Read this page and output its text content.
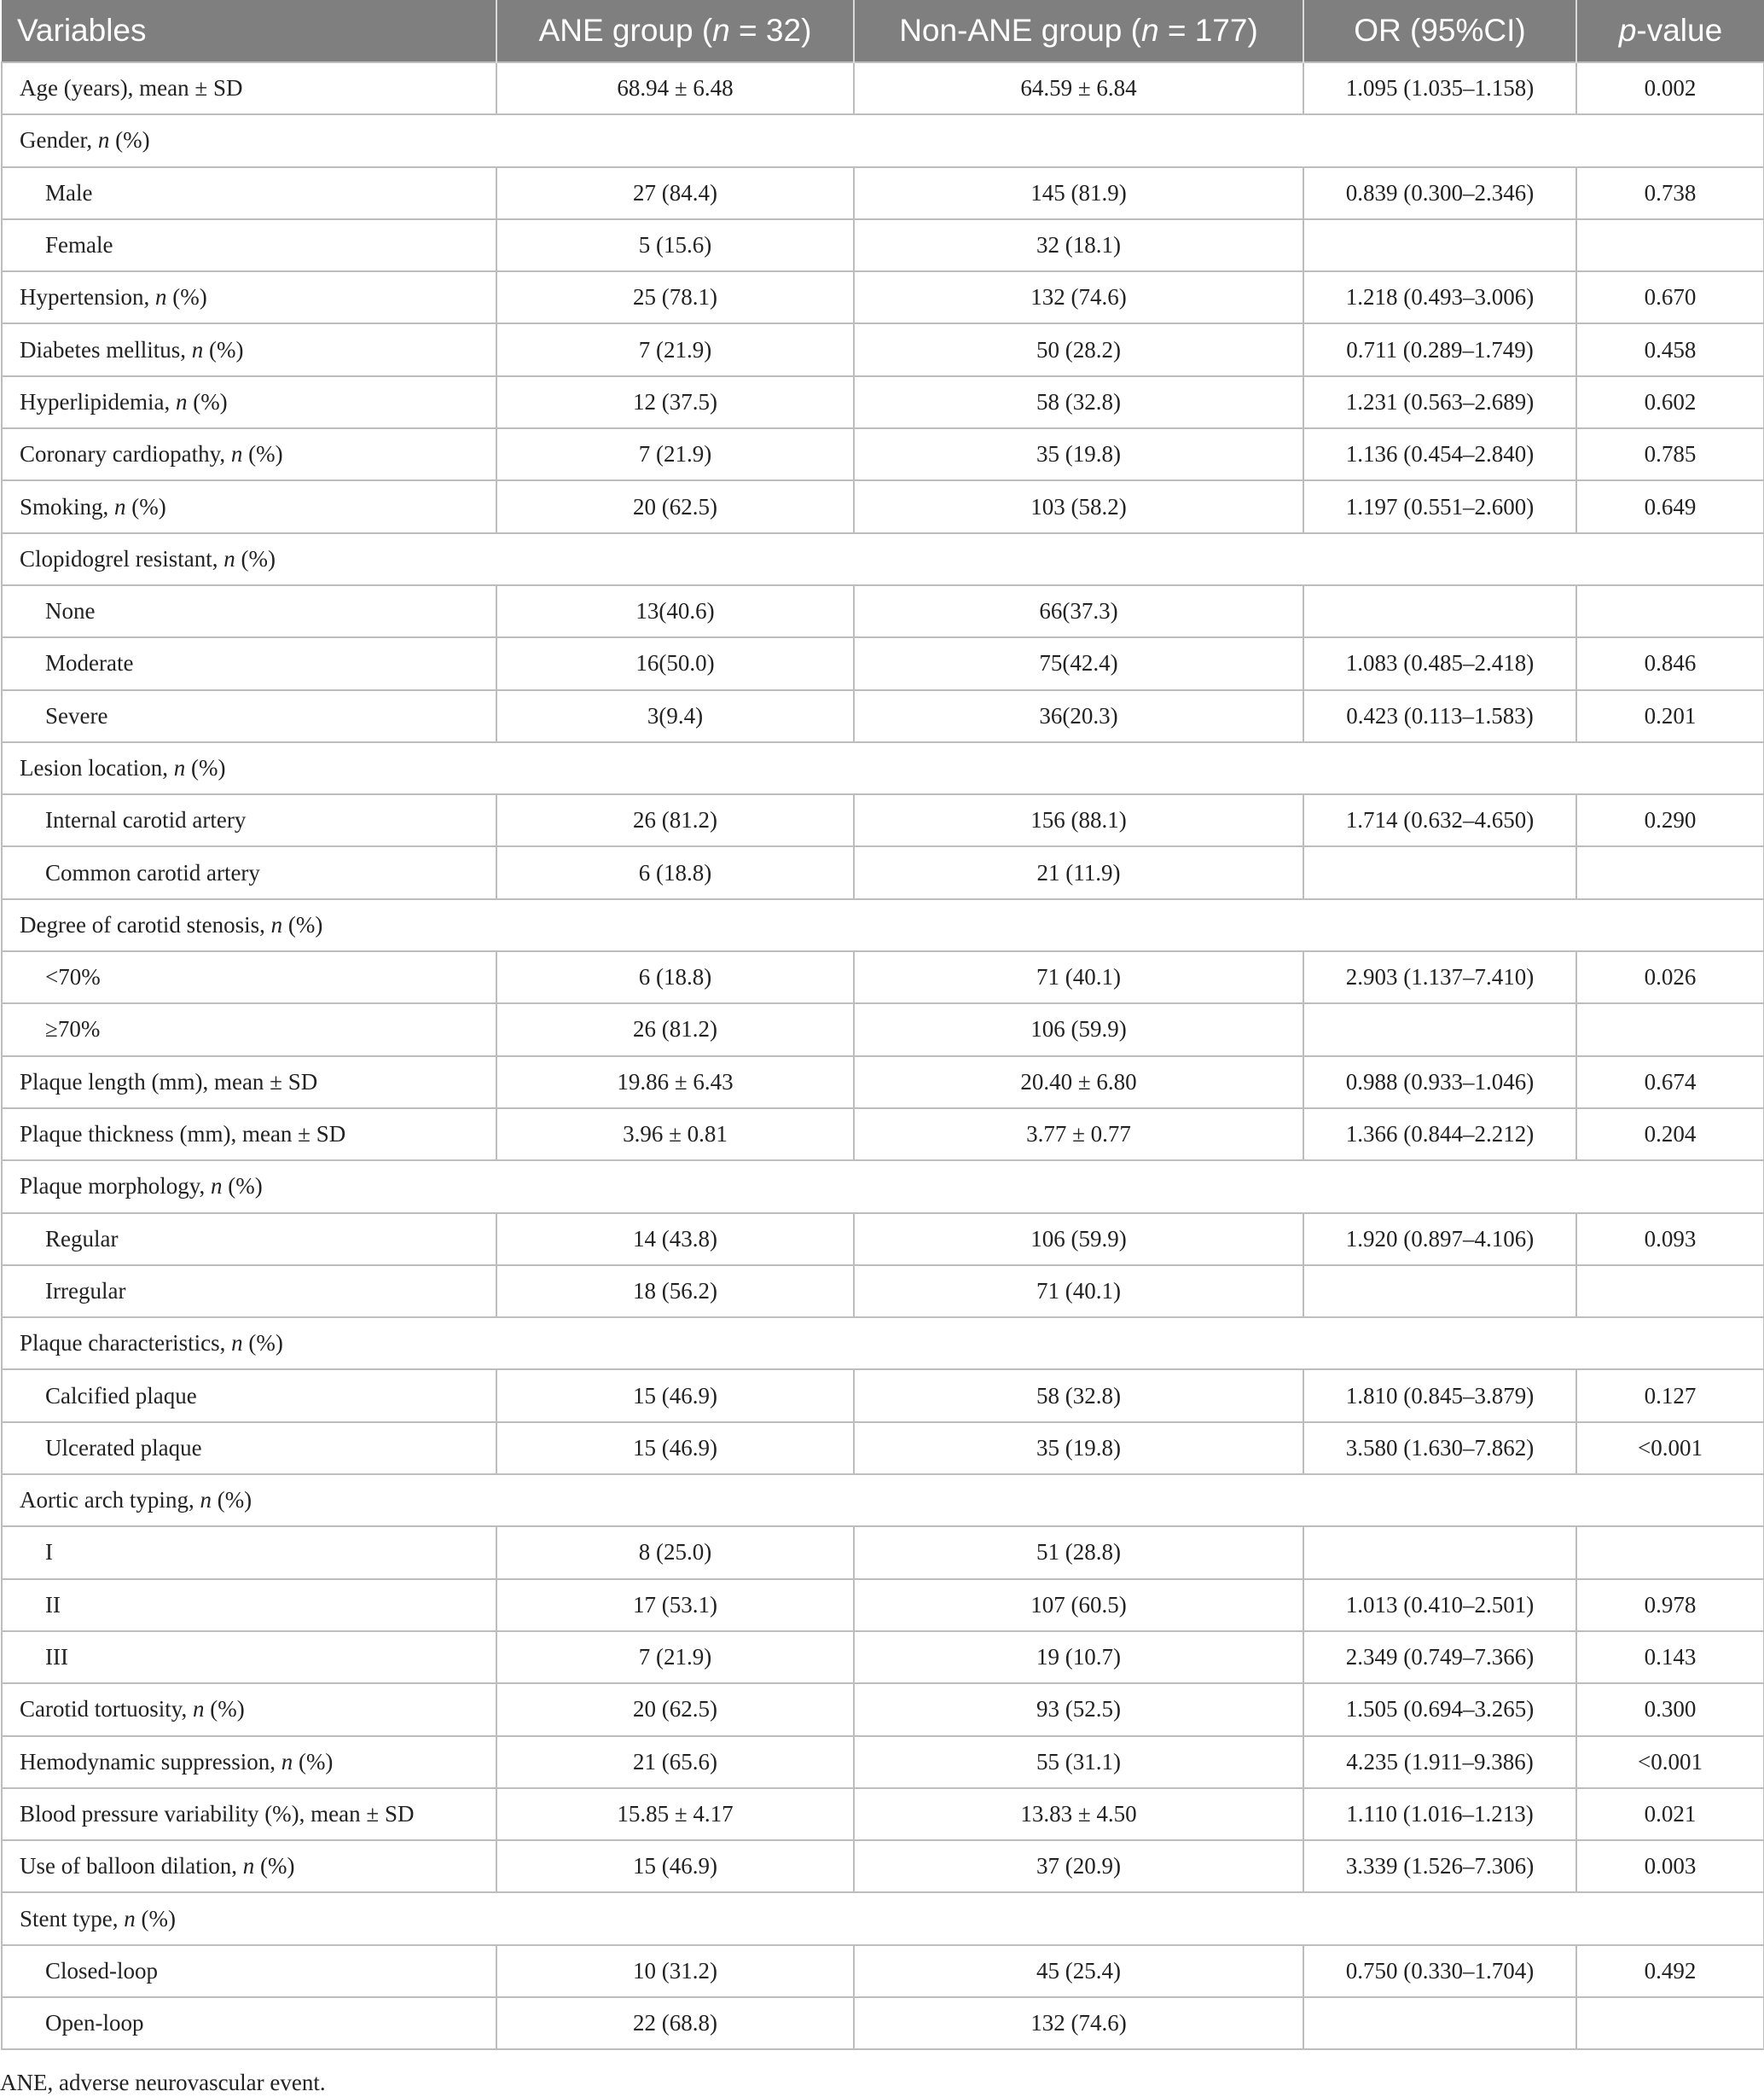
Variables	ANE group (n = 32)	Non-ANE group (n = 177)	OR (95%CI)	p-value
Age (years), mean ± SD	68.94 ± 6.48	64.59 ± 6.84	1.095 (1.035–1.158)	0.002
Gender, n (%)				
Male	27 (84.4)	145 (81.9)	0.839 (0.300–2.346)	0.738
Female	5 (15.6)	32 (18.1)		
Hypertension, n (%)	25 (78.1)	132 (74.6)	1.218 (0.493–3.006)	0.670
Diabetes mellitus, n (%)	7 (21.9)	50 (28.2)	0.711 (0.289–1.749)	0.458
Hyperlipidemia, n (%)	12 (37.5)	58 (32.8)	1.231 (0.563–2.689)	0.602
Coronary cardiopathy, n (%)	7 (21.9)	35 (19.8)	1.136 (0.454–2.840)	0.785
Smoking, n (%)	20 (62.5)	103 (58.2)	1.197 (0.551–2.600)	0.649
Clopidogrel resistant, n (%)				
None	13(40.6)	66(37.3)		
Moderate	16(50.0)	75(42.4)	1.083 (0.485–2.418)	0.846
Severe	3(9.4)	36(20.3)	0.423 (0.113–1.583)	0.201
Lesion location, n (%)				
Internal carotid artery	26 (81.2)	156 (88.1)	1.714 (0.632–4.650)	0.290
Common carotid artery	6 (18.8)	21 (11.9)		
Degree of carotid stenosis, n (%)				
<70%	6 (18.8)	71 (40.1)	2.903 (1.137–7.410)	0.026
≥70%	26 (81.2)	106 (59.9)		
Plaque length (mm), mean ± SD	19.86 ± 6.43	20.40 ± 6.80	0.988 (0.933–1.046)	0.674
Plaque thickness (mm), mean ± SD	3.96 ± 0.81	3.77 ± 0.77	1.366 (0.844–2.212)	0.204
Plaque morphology, n (%)				
Regular	14 (43.8)	106 (59.9)	1.920 (0.897–4.106)	0.093
Irregular	18 (56.2)	71 (40.1)		
Plaque characteristics, n (%)				
Calcified plaque	15 (46.9)	58 (32.8)	1.810 (0.845–3.879)	0.127
Ulcerated plaque	15 (46.9)	35 (19.8)	3.580 (1.630–7.862)	<0.001
Aortic arch typing, n (%)				
I	8 (25.0)	51 (28.8)		
II	17 (53.1)	107 (60.5)	1.013 (0.410–2.501)	0.978
III	7 (21.9)	19 (10.7)	2.349 (0.749–7.366)	0.143
Carotid tortuosity, n (%)	20 (62.5)	93 (52.5)	1.505 (0.694–3.265)	0.300
Hemodynamic suppression, n (%)	21 (65.6)	55 (31.1)	4.235 (1.911–9.386)	<0.001
Blood pressure variability (%), mean ± SD	15.85 ± 4.17	13.83 ± 4.50	1.110 (1.016–1.213)	0.021
Use of balloon dilation, n (%)	15 (46.9)	37 (20.9)	3.339 (1.526–7.306)	0.003
Stent type, n (%)				
Closed-loop	10 (31.2)	45 (25.4)	0.750 (0.330–1.704)	0.492
Open-loop	22 (68.8)	132 (74.6)		
ANE, adverse neurovascular event.
